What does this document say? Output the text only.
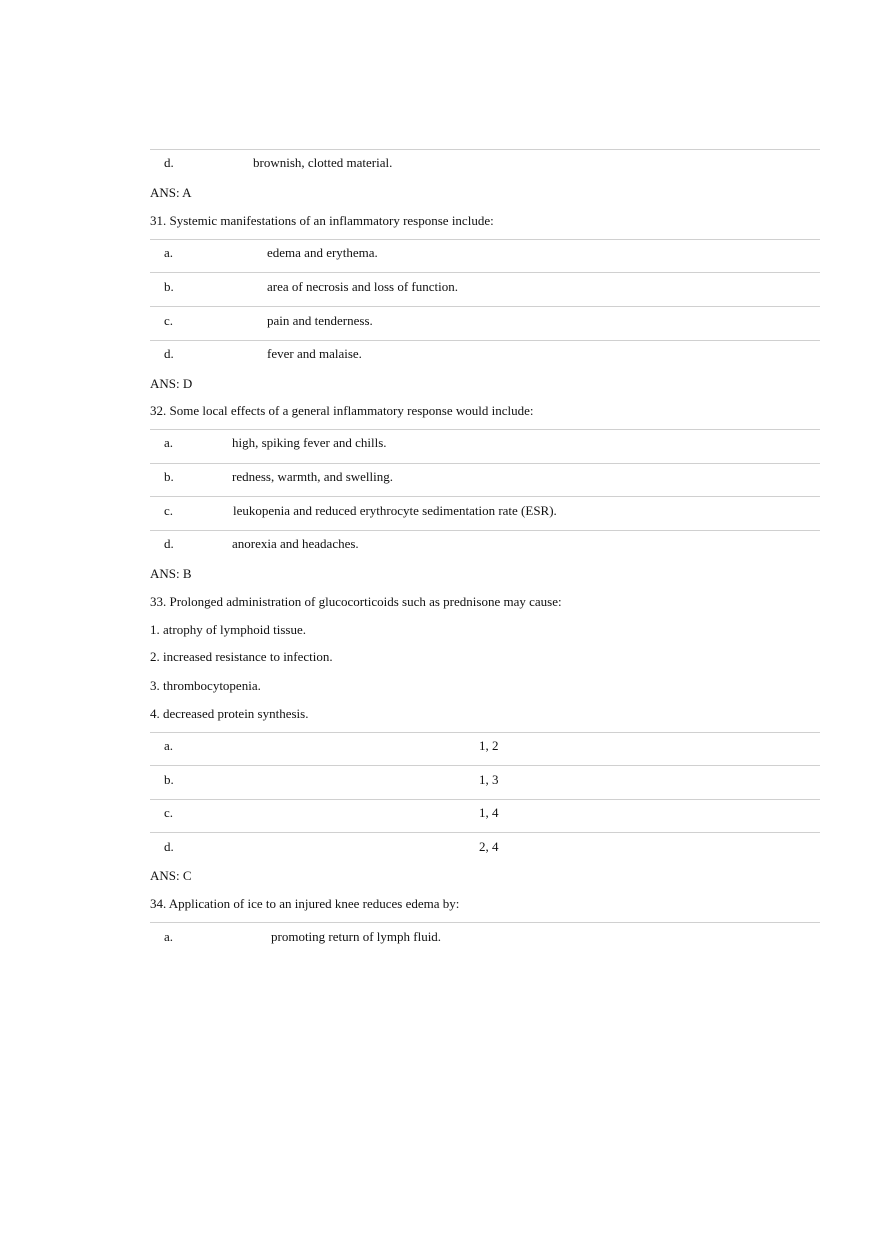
d.	brownish, clotted material.
ANS: A
31. Systemic manifestations of an inflammatory response include:
a.	edema and erythema.
b.	area of necrosis and loss of function.
c.	pain and tenderness.
d.	fever and malaise.
ANS: D
32. Some local effects of a general inflammatory response would include:
a.	high, spiking fever and chills.
b.	redness, warmth, and swelling.
c.	leukopenia and reduced erythrocyte sedimentation rate (ESR).
d.	anorexia and headaches.
ANS: B
33. Prolonged administration of glucocorticoids such as prednisone may cause:
1. atrophy of lymphoid tissue.
2. increased resistance to infection.
3. thrombocytopenia.
4. decreased protein synthesis.
a.	1, 2
b.	1, 3
c.	1, 4
d.	2, 4
ANS: C
34. Application of ice to an injured knee reduces edema by:
a.	promoting return of lymph fluid.
